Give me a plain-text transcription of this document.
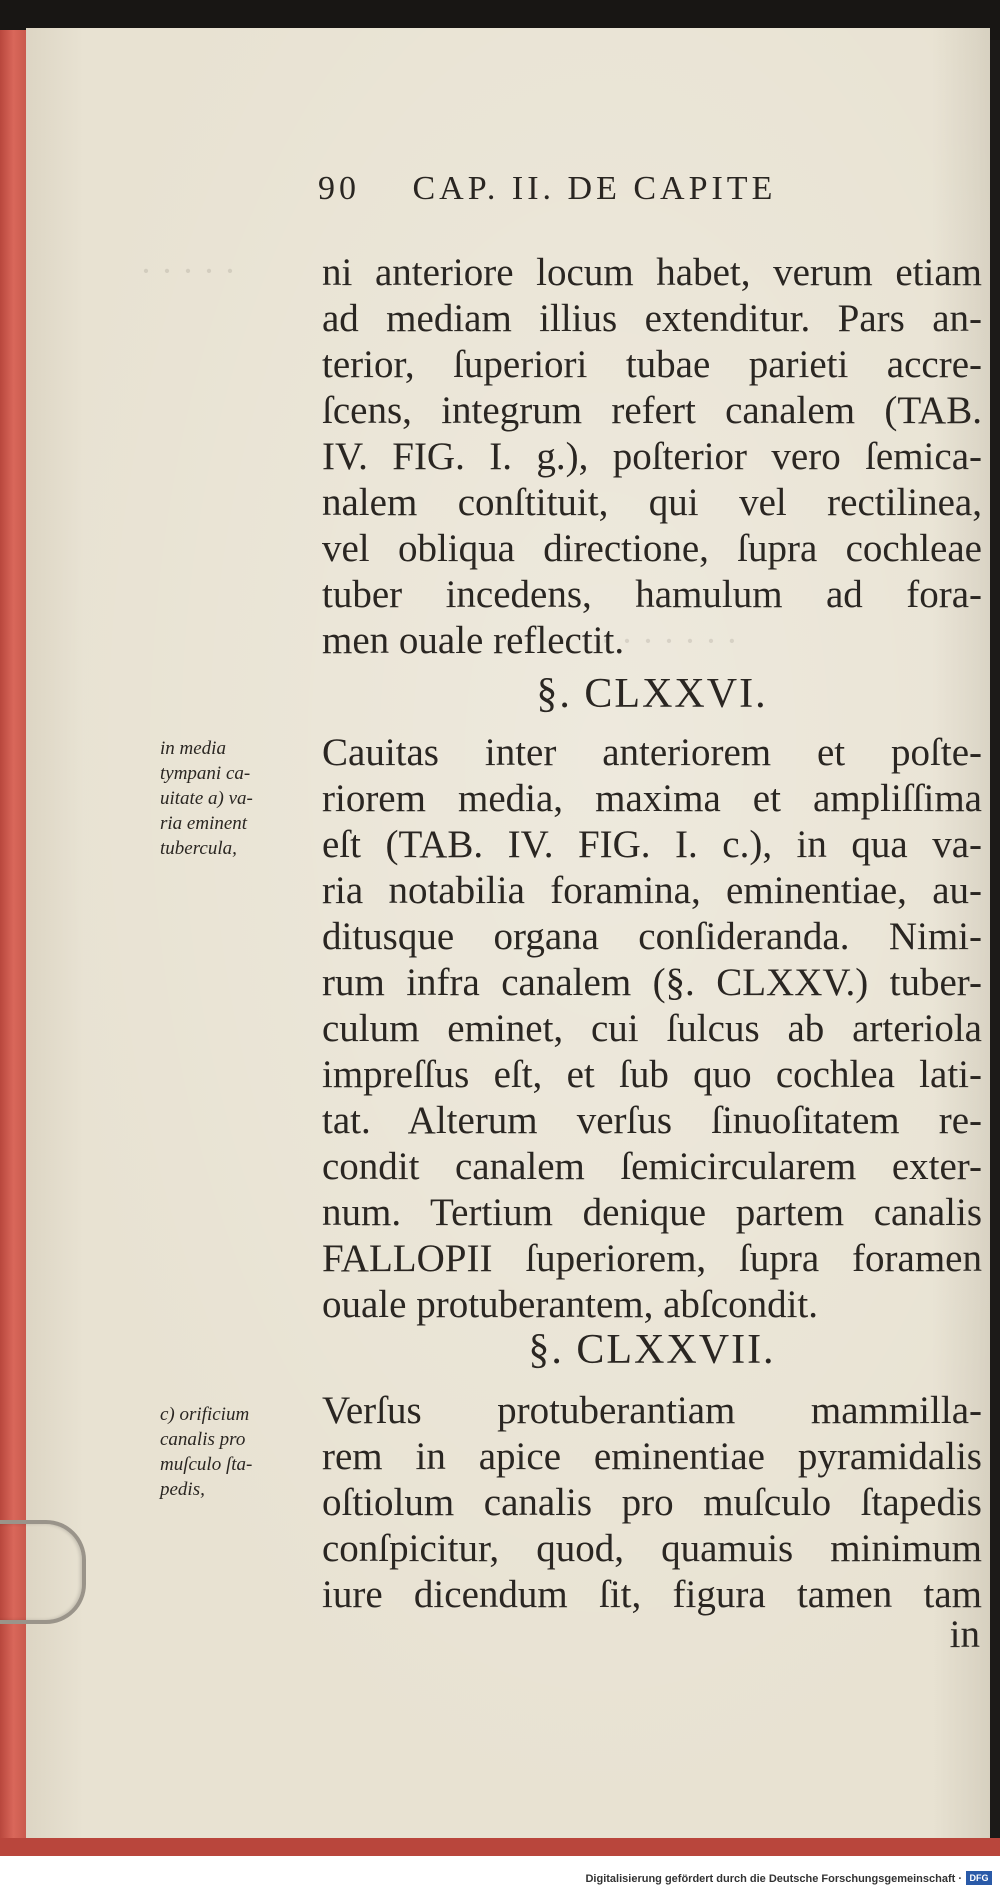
· · · · ·
· · · · · · ·
90 CAP. II. DE CAPITE
ni anteriore locum habet, verum etiam
ad mediam illius extenditur. Pars an-
terior, ſuperiori tubae parieti accre-
ſcens, integrum refert canalem (TAB.
IV. FIG. I. g.), poſterior vero ſemica-
nalem conſtituit, qui vel rectilinea,
vel obliqua directione, ſupra cochleae
tuber incedens, hamulum ad fora-
men ouale reflectit.
§. CLXXVI.
in media
tympani ca-
uitate a) va-
ria eminent
tubercula,
Cauitas inter anteriorem et poſte-
riorem media, maxima et ampliſſima
eſt (TAB. IV. FIG. I. c.), in qua va-
ria notabilia foramina, eminentiae, au-
ditusque organa conſideranda. Nimi-
rum infra canalem (§. CLXXV.) tuber-
culum eminet, cui ſulcus ab arteriola
impreſſus eſt, et ſub quo cochlea lati-
tat. Alterum verſus ſinuoſitatem re-
condit canalem ſemicircularem exter-
num. Tertium denique partem canalis
FALLOPII ſuperiorem, ſupra foramen
ouale protuberantem, abſcondit.
§. CLXXVII.
c) orificium
canalis pro
muſculo ſta-
pedis,
Verſus protuberantiam mammilla-
rem in apice eminentiae pyramidalis
oſtiolum canalis pro muſculo ſtapedis
conſpicitur, quod, quamuis minimum
iure dicendum ſit, figura tamen tam
in
Digitalisierung gefördert durch die Deutsche Forschungsgemeinschaft · DFG
